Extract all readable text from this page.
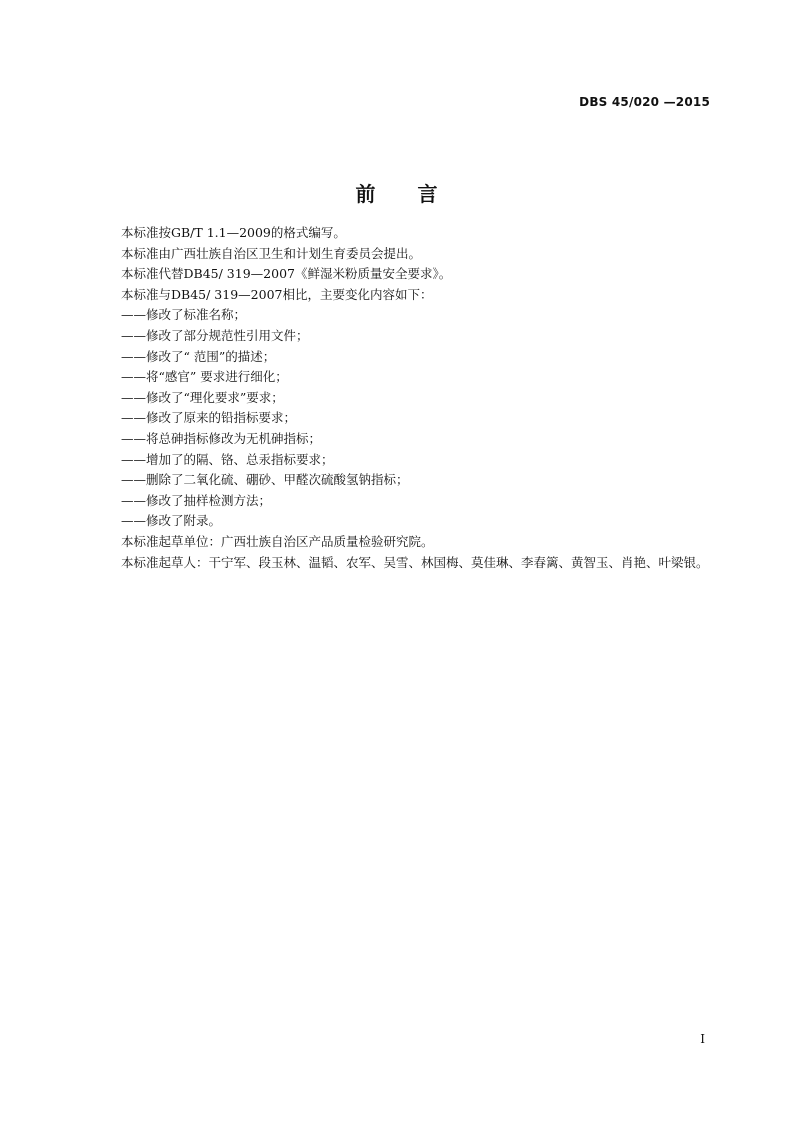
DBS 45/020 —2015
前言

本标准按GB/T 1.1—2009的格式编写。

本标准由广西壮族自治区卫生和计划生育委员会提出。

本标准代替DB45/ 319—2007《鲜湿米粉质量安全要求》。

本标准与DB45/ 319—2007相比，主要变化内容如下：

——修改了标准名称；

——修改了部分规范性引用文件；

——修改了“ 范围”的描述；

——将“感官” 要求进行细化；

——修改了“理化要求”要求；

——修改了原来的铅指标要求；

——将总砷指标修改为无机砷指标；

——增加了的隔、铬、总汞指标要求；

——删除了二氧化硫、硼砂、甲醛次硫酸氢钠指标；

——修改了抽样检测方法；

——修改了附录。

本标准起草单位：广西壮族自治区产品质量检验研究院。

本标准起草人：干宁军、段玉林、温韬、农军、吴雪、林国梅、莫佳琳、李春篱、黄智玉、肖艳、叶梁银。

I
